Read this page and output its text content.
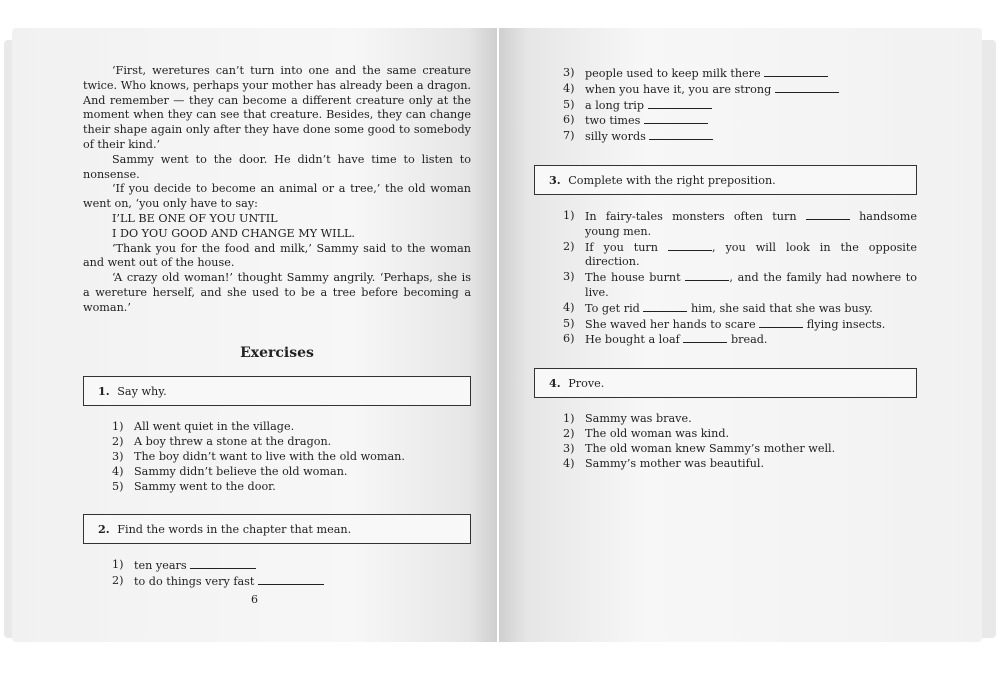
‘First, weretures can’t turn into one and the same creature twice. Who knows, perhaps your mother has already been a dragon. And remember — they can become a different creature only at the moment when they can see that creature. Besides, they can change their shape again only after they have done some good to somebody of their kind.’

Sammy went to the door. He didn’t have time to listen to nonsense.

‘If you decide to become an animal or a tree,’ the old woman went on, ‘you only have to say:

I’LL BE ONE OF YOU UNTIL

I DO YOU GOOD AND CHANGE MY WILL.

‘Thank you for the food and milk,’ Sammy said to the woman and went out of the house.

‘A crazy old woman!’ thought Sammy angrily. ‘Perhaps, she is a wereture herself, and she used to be a tree before becoming a woman.’

Exercises
1. Say why.
1) All went quiet in the village.
2) A boy threw a stone at the dragon.
3) The boy didn’t want to live with the old woman.
4) Sammy didn’t believe the old woman.
5) Sammy went to the door.
2. Find the words in the chapter that mean.
1) ten years
2) to do things very fast
6
3) people used to keep milk there
4) when you have it, you are strong
5) a long trip
6) two times
7) silly words
3. Complete with the right preposition.
1) In fairy-tales monsters often turn	handsome young men.
2) If you turn	, you will look in the opposite direction.
3) The house burnt	, and the family had nowhere to live.
4) To get rid	him, she said that she was busy.
5) She waved her hands to scare	flying insects.
6) He bought a loaf	bread.
4. Prove.
1) Sammy was brave.
2) The old woman was kind.
3) The old woman knew Sammy’s mother well.
4) Sammy’s mother was beautiful.
